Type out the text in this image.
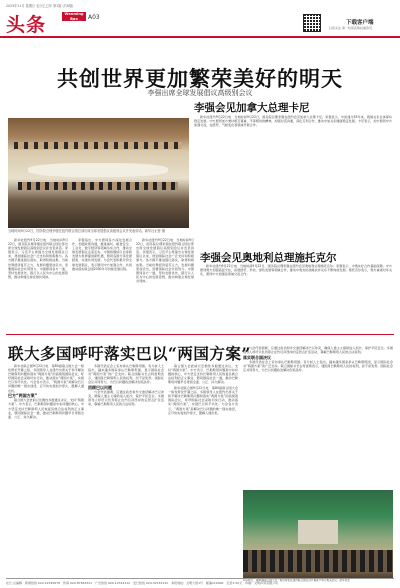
2025年11月 星期日 农历乙巳年 第1版 (共8版)
头条	Wenming Bao
文明晚报
A03
下载客户端
扫码关注·第一时间获取权威资讯
共创世界更加繁荣美好的明天
李强出席全球发展倡议高级别会议
当地时间9月22日，国务院总理李强在纽约联合国总部出席全球发展倡议高级别会议并发表讲话。新华社记者 摄
李强会见加拿大总理卡尼

新华社纽约9月22日电　当地时间9月22日，国务院总理李强在纽约会见加拿大总理卡尼。李强表示，中加建交55年来，两国关系总体保持稳定发展。中方愿同加方秉持相互尊重、平等相待的精神，加强对话沟通，深化互利合作，推动中加关系健康稳定发展。卡尼表示，加方愿同中方加强交流，在经贸、气候变化等领域开展合作。

李强会见奥地利总理施托克尔

新华社纽约9月22日电　当地时间9月22日，国务院总理李强在纽约会见奥地利总理施托克尔。李强表示，中奥友好合作基础深厚。中方愿同奥方加强高层交往，拓展经贸、科技、绿色发展等领域合作，推动中奥友好战略伙伴关系不断向前发展。施托克尔表示，奥方重视对华关系，愿同中方加强各领域交流合作。

新华社纽约9月22日电　当地时间9月22日，国务院总理李强在纽约联合国总部出席全球发展倡议高级别会议并发表讲话。李强表示，习近平主席提出全球发展倡议以来，得到国际社会广泛支持和积极参与。各方携手推进倡议落实，取得积极成果。当前世界经济复苏乏力，发展问题更加突出，需要国际社会共同努力。中国愿同各方一道，坚持发展优先，践行以人民为中心的发展思想，推动构建全球发展共同体。

李强指出，中方愿同各方深化发展合作，加强政策沟通，推进减贫、粮食安全、工业化、数字经济等领域务实合作，推动全球发展倡议走深走实。中国将继续以自身新发展为世界提供新机遇，愿同各国分享发展经验，实现共同发展。与会代表积极评价全球发展倡议，表示愿同中方加强合作，共同推动落实联合国2030年可持续发展议程。

新华社纽约9月22日电　当地时间9月22日，国务院总理李强在纽约联合国总部出席全球发展倡议高级别会议并发表讲话。李强表示，习近平主席提出全球发展倡议以来，得到国际社会广泛支持和积极参与。各方携手推进倡议落实，取得积极成果。当前世界经济复苏乏力，发展问题更加突出，需要国际社会共同努力。中国愿同各方一道，坚持发展优先，践行以人民为中心的发展思想，推动构建全球发展共同体。

联大多国呼吁落实巴以“两国方案”

新华社联合国9月22日电　第80届联合国大会一般性辩论开幕之际，多国领导人在纽约出席关于和平解决巴勒斯坦问题和落实“两国方案”的高级别国际会议，呼吁国际社会采取切实行动，推动落实“两国方案”，实现巴以和平共处。与会各方表示，“两国方案”是解决巴以问题的唯一现实途径，应尽快实现加沙停火，缓解人道危机。

巴方“两国方案”

联合国大会此前以压倒性多数通过决议，支持“两国方案”。中方表示，巴勒斯坦问题是中东问题的核心，中方坚定支持巴勒斯坦人民恢复民族合法权利的正义事业，愿同国际社会一道，推动巴勒斯坦问题早日得到全面、公正、持久解决。

多国代表在会上宣布承认巴勒斯坦国。有分析人士指出，越来越多国家承认巴勒斯坦国，显示国际社会对“两国方案”的广泛支持。联合国秘书长古特雷斯表示，建国是巴勒斯坦人民的权利，而不是奖赏。国际社会应共同努力，为巴以问题政治解决创造条件。

回顾巴以问题

与会代表强调，应通过政治和外交途径解决巴以冲突，确保人道主义援助进入加沙，保护平民安全。多国领导人呼吁以色列停止在约旦河西岸的定居点扩张活动，尊重巴勒斯坦人民的合法权利。

联合国大会此前以压倒性多数通过决议，支持“两国方案”。中方表示，巴勒斯坦问题是中东问题的核心，中方坚定支持巴勒斯坦人民恢复民族合法权利的正义事业，愿同国际社会一道，推动巴勒斯坦问题早日得到全面、公正、持久解决。

新华社联合国9月22日电　第80届联合国大会一般性辩论开幕之际，多国领导人在纽约出席关于和平解决巴勒斯坦问题和落实“两国方案”的高级别国际会议，呼吁国际社会采取切实行动，推动落实“两国方案”，实现巴以和平共处。与会各方表示，“两国方案”是解决巴以问题的唯一现实途径，应尽快实现加沙停火，缓解人道危机。

与会代表强调，应通过政治和外交途径解决巴以冲突，确保人道主义援助进入加沙，保护平民安全。多国领导人呼吁以色列停止在约旦河西岸的定居点扩张活动，尊重巴勒斯坦人民的合法权利。

落实联合国决议

多国代表在会上宣布承认巴勒斯坦国。有分析人士指出，越来越多国家承认巴勒斯坦国，显示国际社会对“两国方案”的广泛支持。联合国秘书长古特雷斯表示，建国是巴勒斯坦人民的权利，而不是奖赏。国际社会应共同努力，为巴以问题政治解决创造条件。

9月22日，第80届联合国大会一般性辩论在纽约联合国总部开幕前夕举行相关会议。新华社发
社长·总编辑　新闻热线 024-12345678　传真 024-87654321　广告热线 024-12312312　发行热线 024-32132132　本报地址：文明大街1号　邮编110000　定价1.50元　印刷：文明印务有限公司
